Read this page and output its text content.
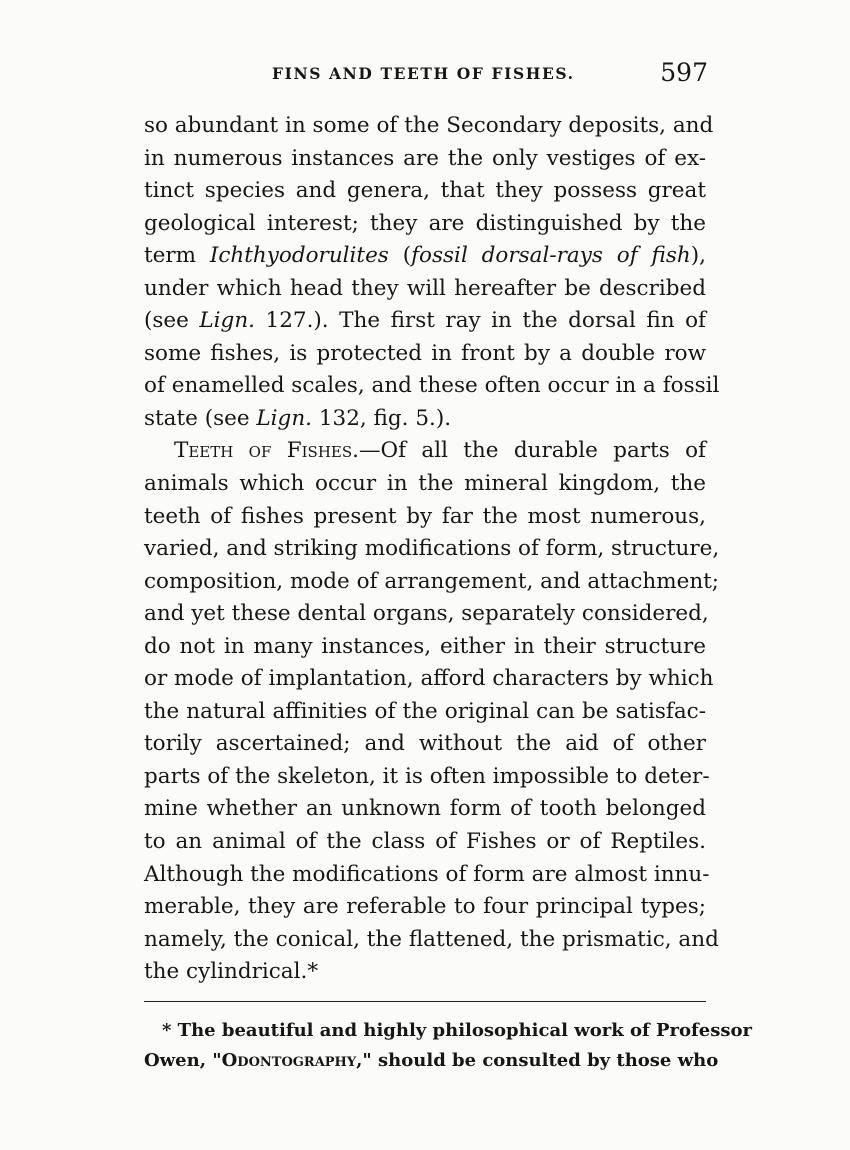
FINS AND TEETH OF FISHES.	597
so abundant in some of the Secondary deposits, and
in numerous instances are the only vestiges of ex-
tinct species and genera, that they possess great
geological interest; they are distinguished by the
term Ichthyodorulites (fossil dorsal-rays of fish),
under which head they will hereafter be described
(see Lign. 127.). The first ray in the dorsal fin of
some fishes, is protected in front by a double row
of enamelled scales, and these often occur in a fossil
state (see Lign. 132, fig. 5.).
Teeth of Fishes.—Of all the durable parts of
animals which occur in the mineral kingdom, the
teeth of fishes present by far the most numerous,
varied, and striking modifications of form, structure,
composition, mode of arrangement, and attachment;
and yet these dental organs, separately considered,
do not in many instances, either in their structure
or mode of implantation, afford characters by which
the natural affinities of the original can be satisfac-
torily ascertained; and without the aid of other
parts of the skeleton, it is often impossible to deter-
mine whether an unknown form of tooth belonged
to an animal of the class of Fishes or of Reptiles.
Although the modifications of form are almost innu-
merable, they are referable to four principal types;
namely, the conical, the flattened, the prismatic, and
the cylindrical.*
* The beautiful and highly philosophical work of Professor
Owen, "Odontography," should be consulted by those who
